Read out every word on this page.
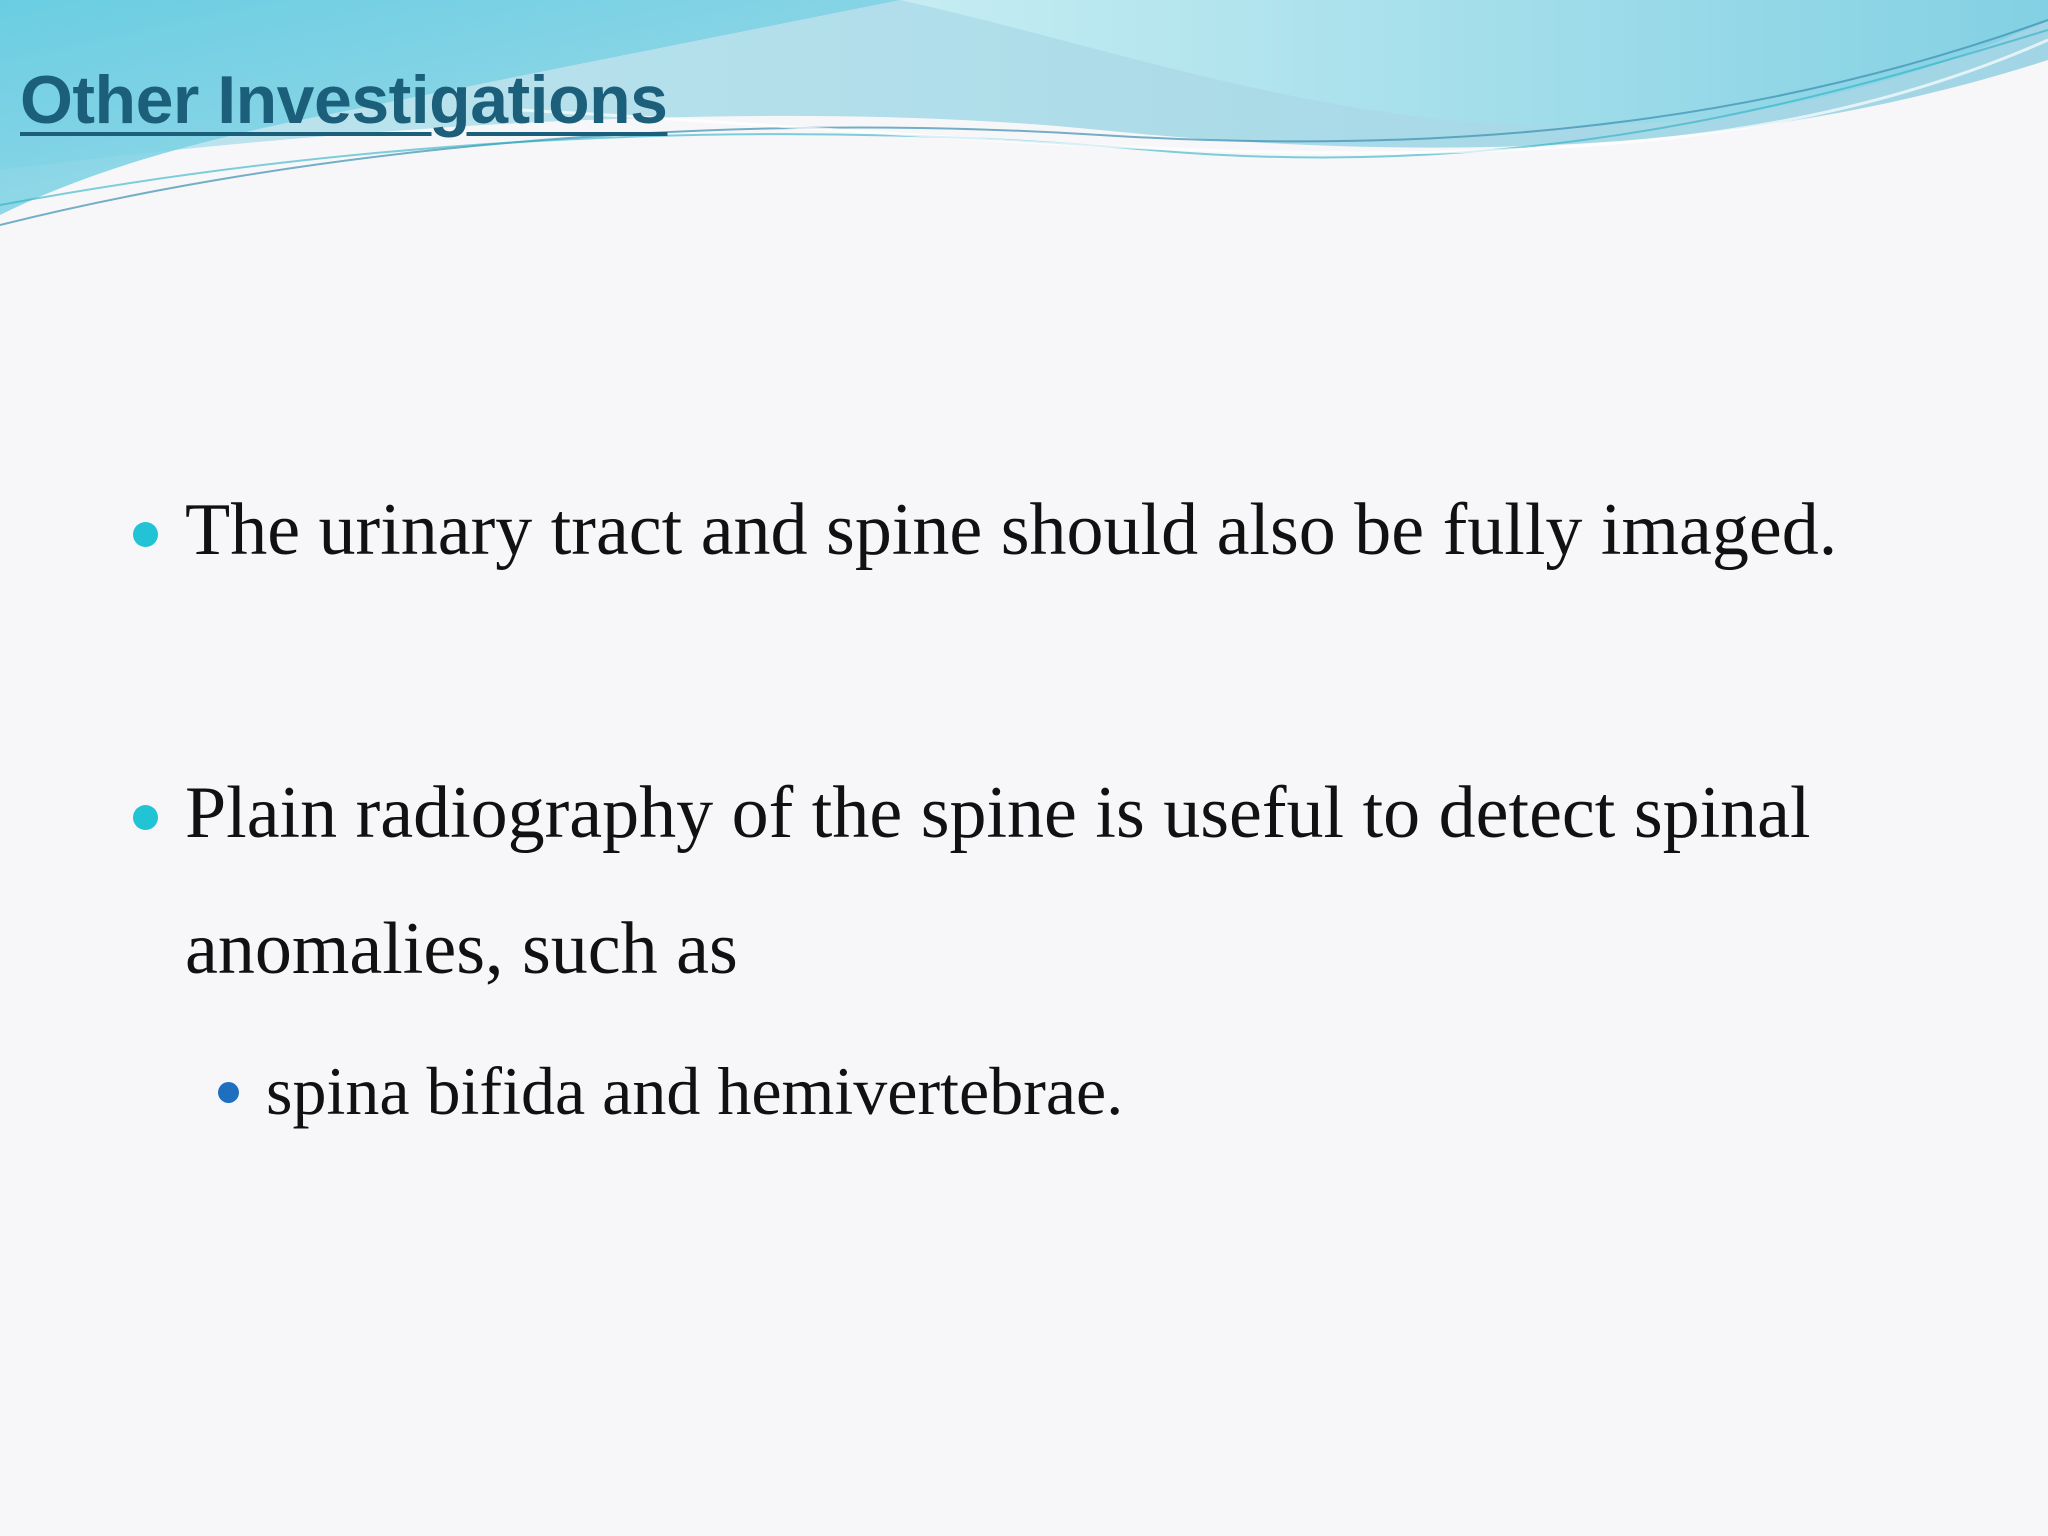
Other Investigations
The urinary tract and spine should also be fully imaged.
Plain radiography of the spine is useful to detect spinal anomalies, such as
spina bifida and hemivertebrae.
